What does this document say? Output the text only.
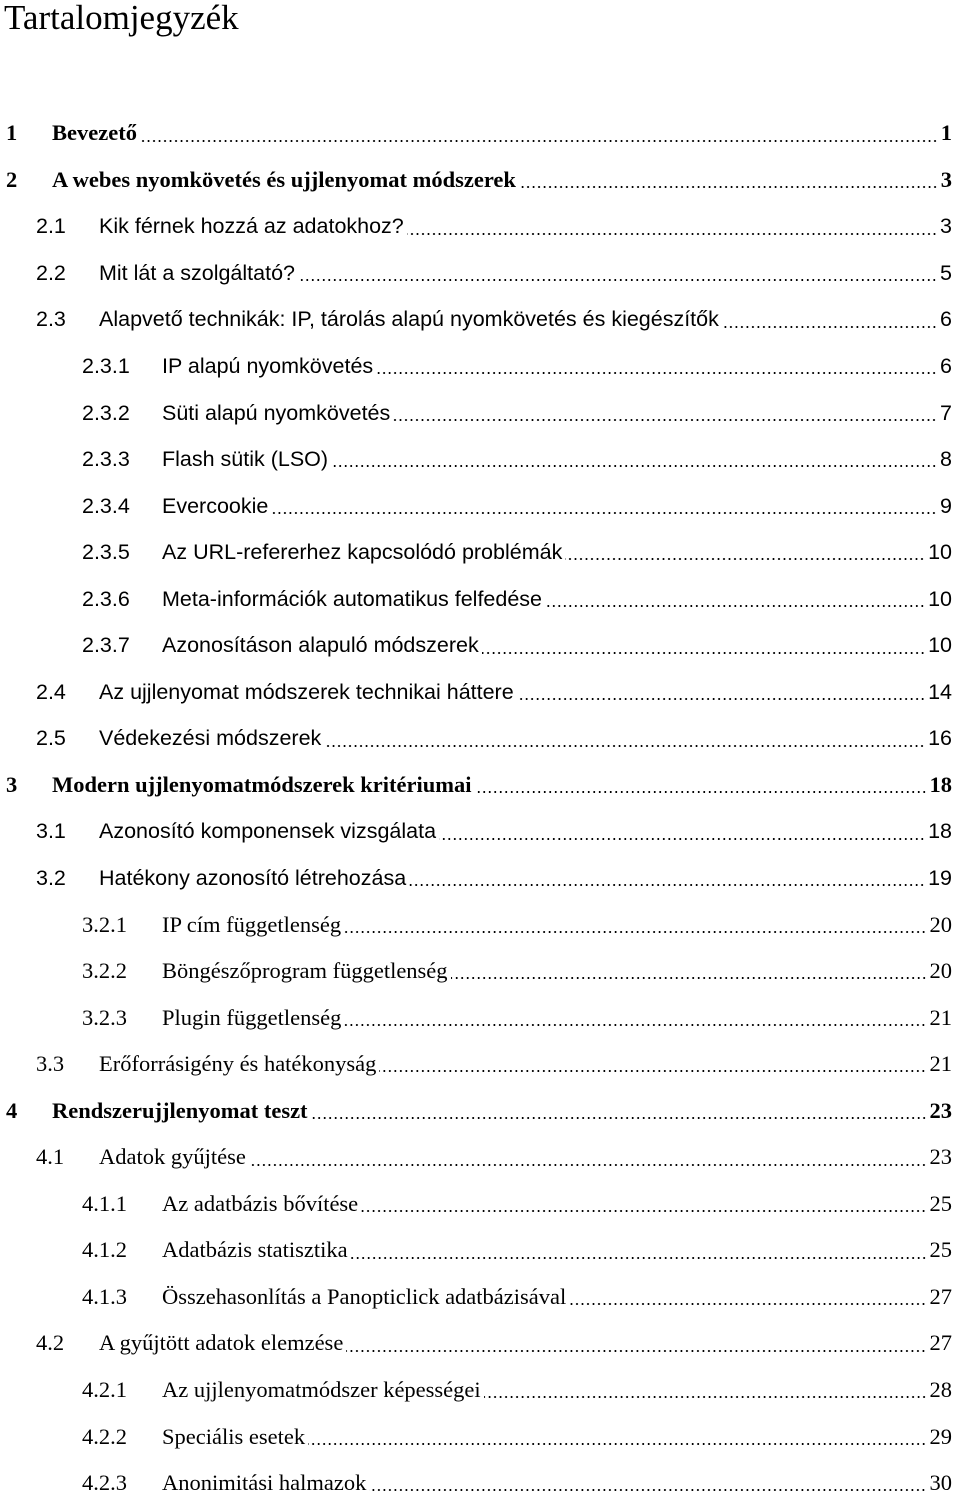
Tartalomjegyzék
1	Bevezető	1
2	A webes nyomkövetés és ujjlenyomat módszerek	3
2.1	Kik férnek hozzá az adatokhoz?	3
2.2	Mit lát a szolgáltató?	5
2.3	Alapvető technikák: IP, tárolás alapú nyomkövetés és kiegészítők	6
2.3.1	IP alapú nyomkövetés	6
2.3.2	Süti alapú nyomkövetés	7
2.3.3	Flash sütik (LSO)	8
2.3.4	Evercookie	9
2.3.5	Az URL-refererhez kapcsolódó problémák	10
2.3.6	Meta-információk automatikus felfedése	10
2.3.7	Azonosításon alapuló módszerek	10
2.4	Az ujjlenyomat módszerek technikai háttere	14
2.5	Védekezési módszerek	16
3	Modern ujjlenyomatmódszerek kritériumai	18
3.1	Azonosító komponensek vizsgálata	18
3.2	Hatékony azonosító létrehozása	19
3.2.1	IP cím függetlenség	20
3.2.2	Böngészőprogram függetlenség	20
3.2.3	Plugin függetlenség	21
3.3	Erőforrásigény és hatékonyság	21
4	Rendszerujjlenyomat teszt	23
4.1	Adatok gyűjtése	23
4.1.1	Az adatbázis bővítése	25
4.1.2	Adatbázis statisztika	25
4.1.3	Összehasonlítás a Panopticlick adatbázisával	27
4.2	A gyűjtött adatok elemzése	27
4.2.1	Az ujjlenyomatmódszer képességei	28
4.2.2	Speciális esetek	29
4.2.3	Anonimitási halmazok	30
